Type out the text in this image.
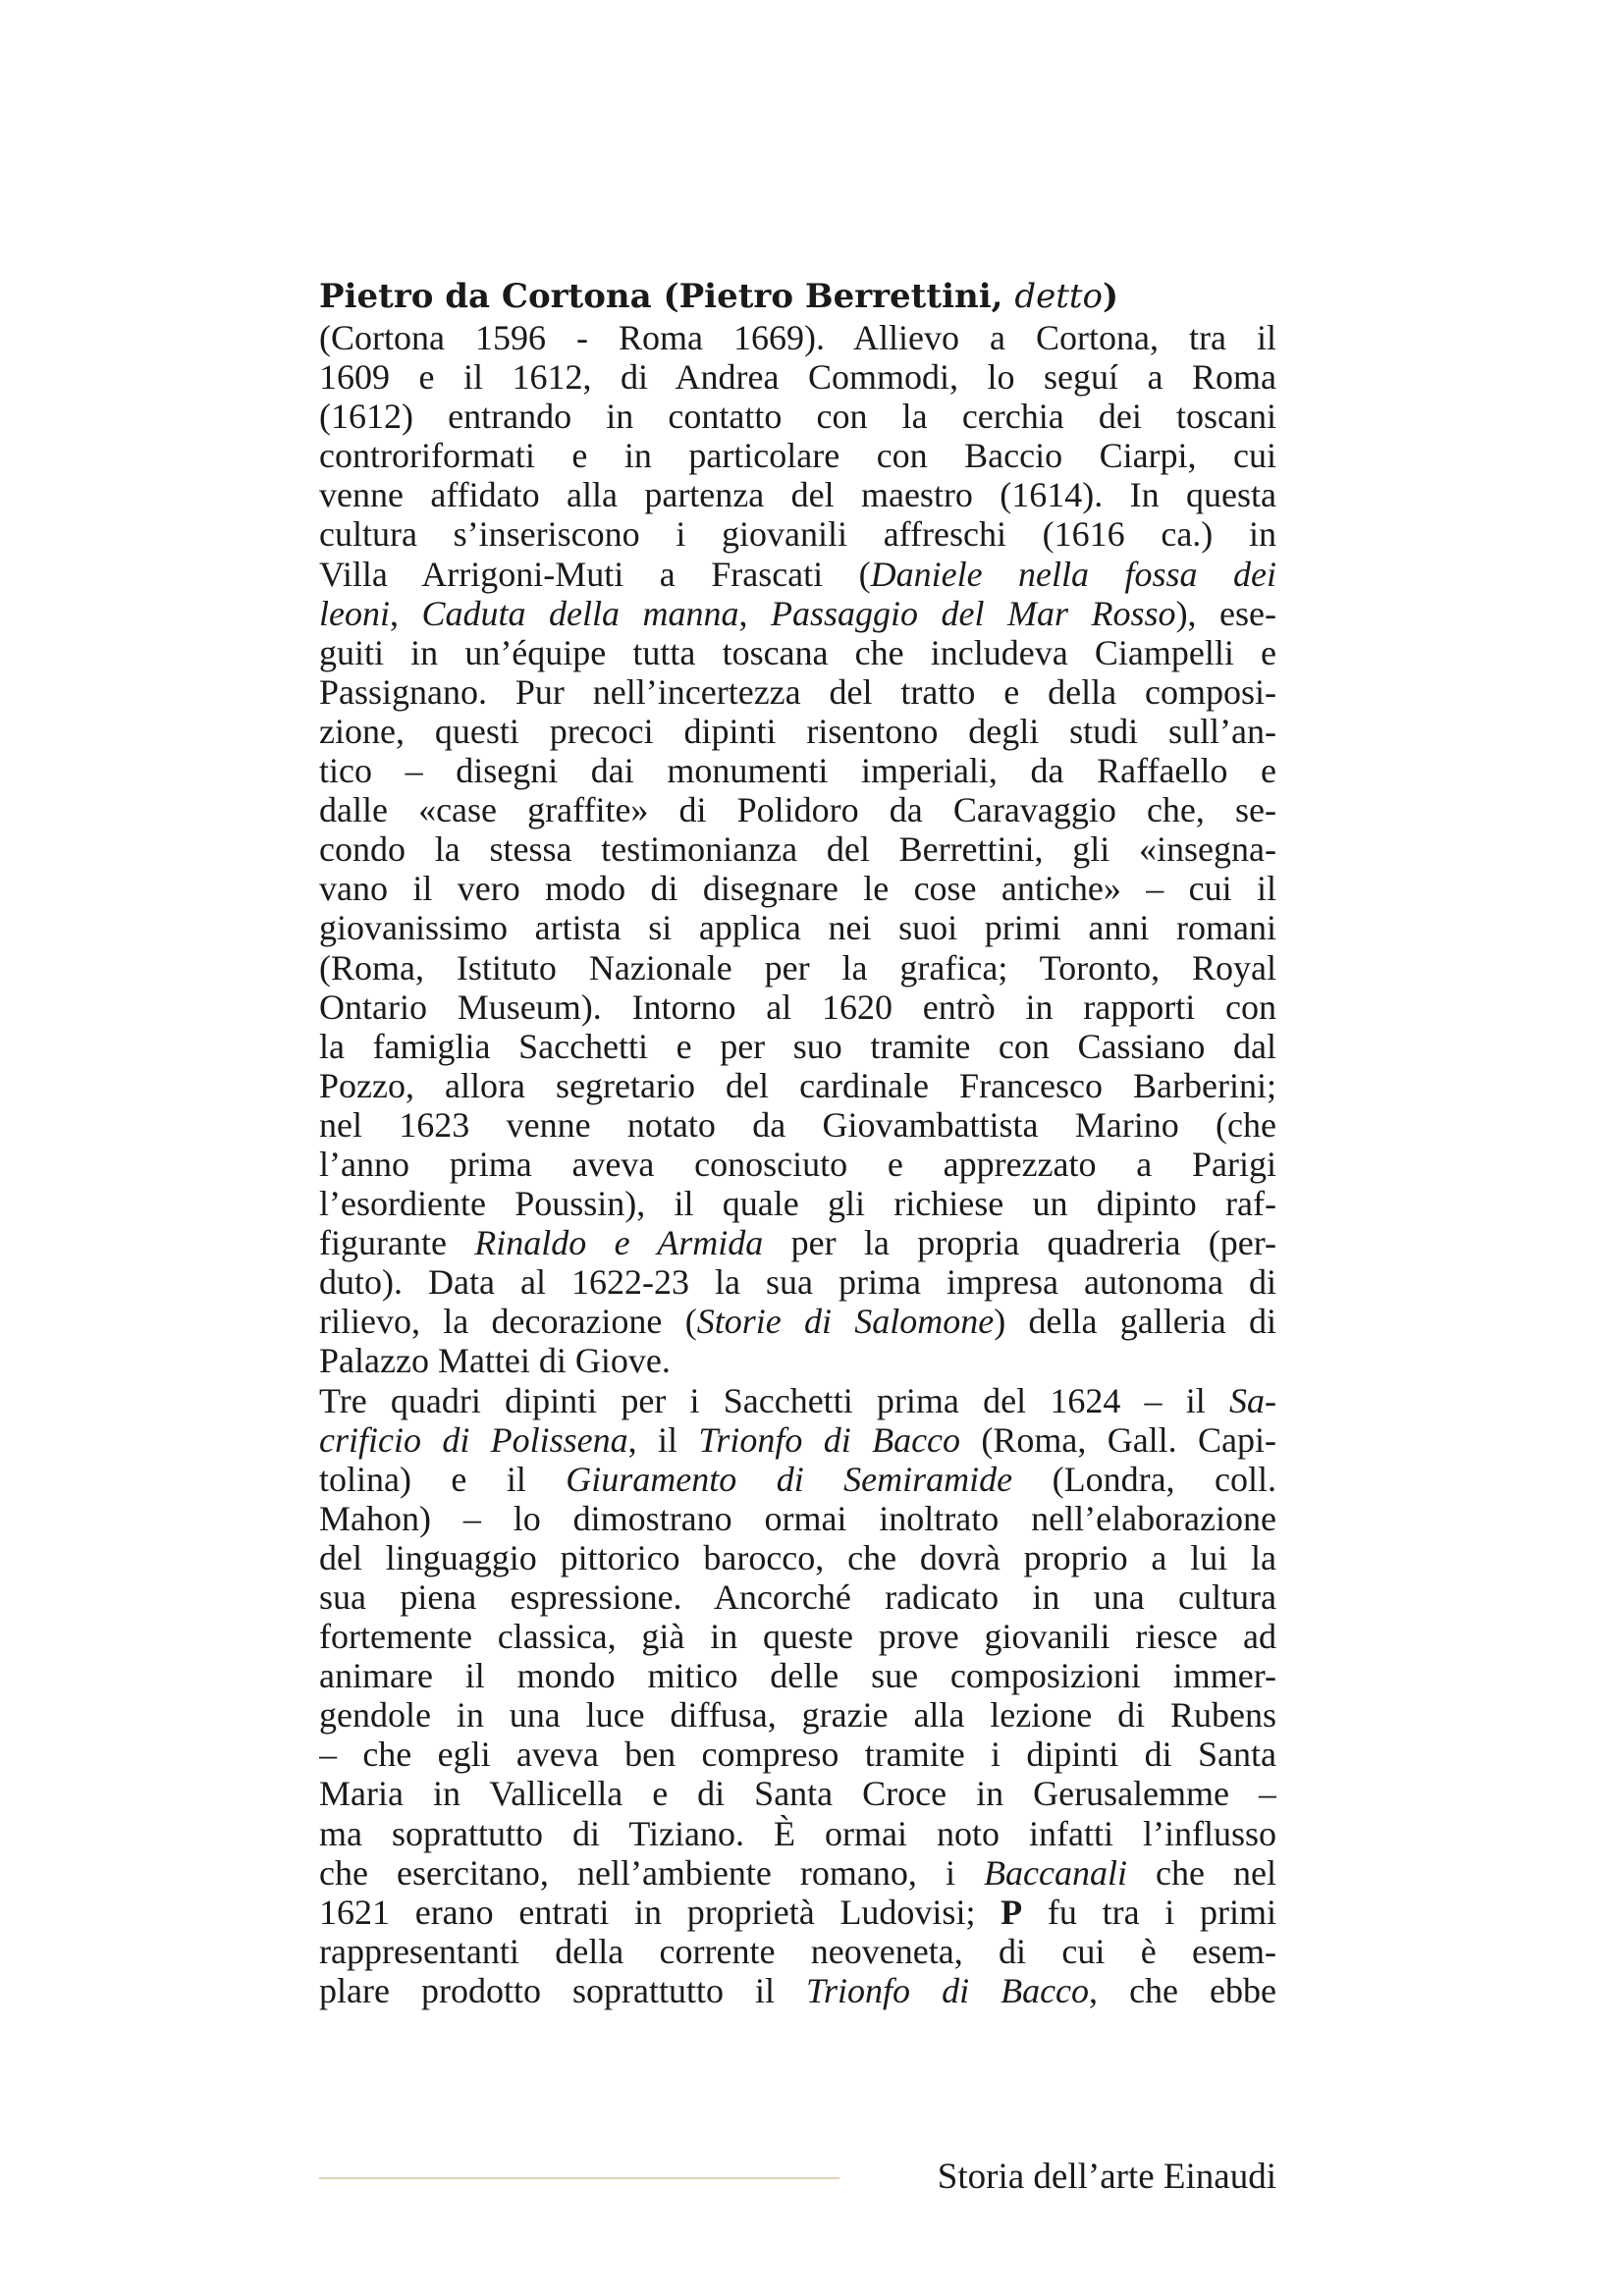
Pietro da Cortona (Pietro Berrettini, detto)
(Cortona 1596 - Roma 1669). Allievo a Cortona, tra il
1609 e il 1612, di Andrea Commodi, lo seguí a Roma
(1612) entrando in contatto con la cerchia dei toscani
controriformati e in particolare con Baccio Ciarpi, cui
venne affidato alla partenza del maestro (1614). In questa
cultura s’inseriscono i giovanili affreschi (1616 ca.) in
Villa Arrigoni-Muti a Frascati (Daniele nella fossa dei
leoni, Caduta della manna, Passaggio del Mar Rosso), ese-
guiti in un’équipe tutta toscana che includeva Ciampelli e
Passignano. Pur nell’incertezza del tratto e della composi-
zione, questi precoci dipinti risentono degli studi sull’an-
tico – disegni dai monumenti imperiali, da Raffaello e
dalle «case graffite» di Polidoro da Caravaggio che, se-
condo la stessa testimonianza del Berrettini, gli «insegna-
vano il vero modo di disegnare le cose antiche» – cui il
giovanissimo artista si applica nei suoi primi anni romani
(Roma, Istituto Nazionale per la grafica; Toronto, Royal
Ontario Museum). Intorno al 1620 entrò in rapporti con
la famiglia Sacchetti e per suo tramite con Cassiano dal
Pozzo, allora segretario del cardinale Francesco Barberini;
nel 1623 venne notato da Giovambattista Marino (che
l’anno prima aveva conosciuto e apprezzato a Parigi
l’esordiente Poussin), il quale gli richiese un dipinto raf-
figurante Rinaldo e Armida per la propria quadreria (per-
duto). Data al 1622-23 la sua prima impresa autonoma di
rilievo, la decorazione (Storie di Salomone) della galleria di
Palazzo Mattei di Giove.
Tre quadri dipinti per i Sacchetti prima del 1624 – il Sa-
crificio di Polissena, il Trionfo di Bacco (Roma, Gall. Capi-
tolina) e il Giuramento di Semiramide (Londra, coll.
Mahon) – lo dimostrano ormai inoltrato nell’elaborazione
del linguaggio pittorico barocco, che dovrà proprio a lui la
sua piena espressione. Ancorché radicato in una cultura
fortemente classica, già in queste prove giovanili riesce ad
animare il mondo mitico delle sue composizioni immer-
gendole in una luce diffusa, grazie alla lezione di Rubens
– che egli aveva ben compreso tramite i dipinti di Santa
Maria in Vallicella e di Santa Croce in Gerusalemme –
ma soprattutto di Tiziano. È ormai noto infatti l’influsso
che esercitano, nell’ambiente romano, i Baccanali che nel
1621 erano entrati in proprietà Ludovisi; P fu tra i primi
rappresentanti della corrente neoveneta, di cui è esem-
plare prodotto soprattutto il Trionfo di Bacco, che ebbe
Storia dell’arte Einaudi
